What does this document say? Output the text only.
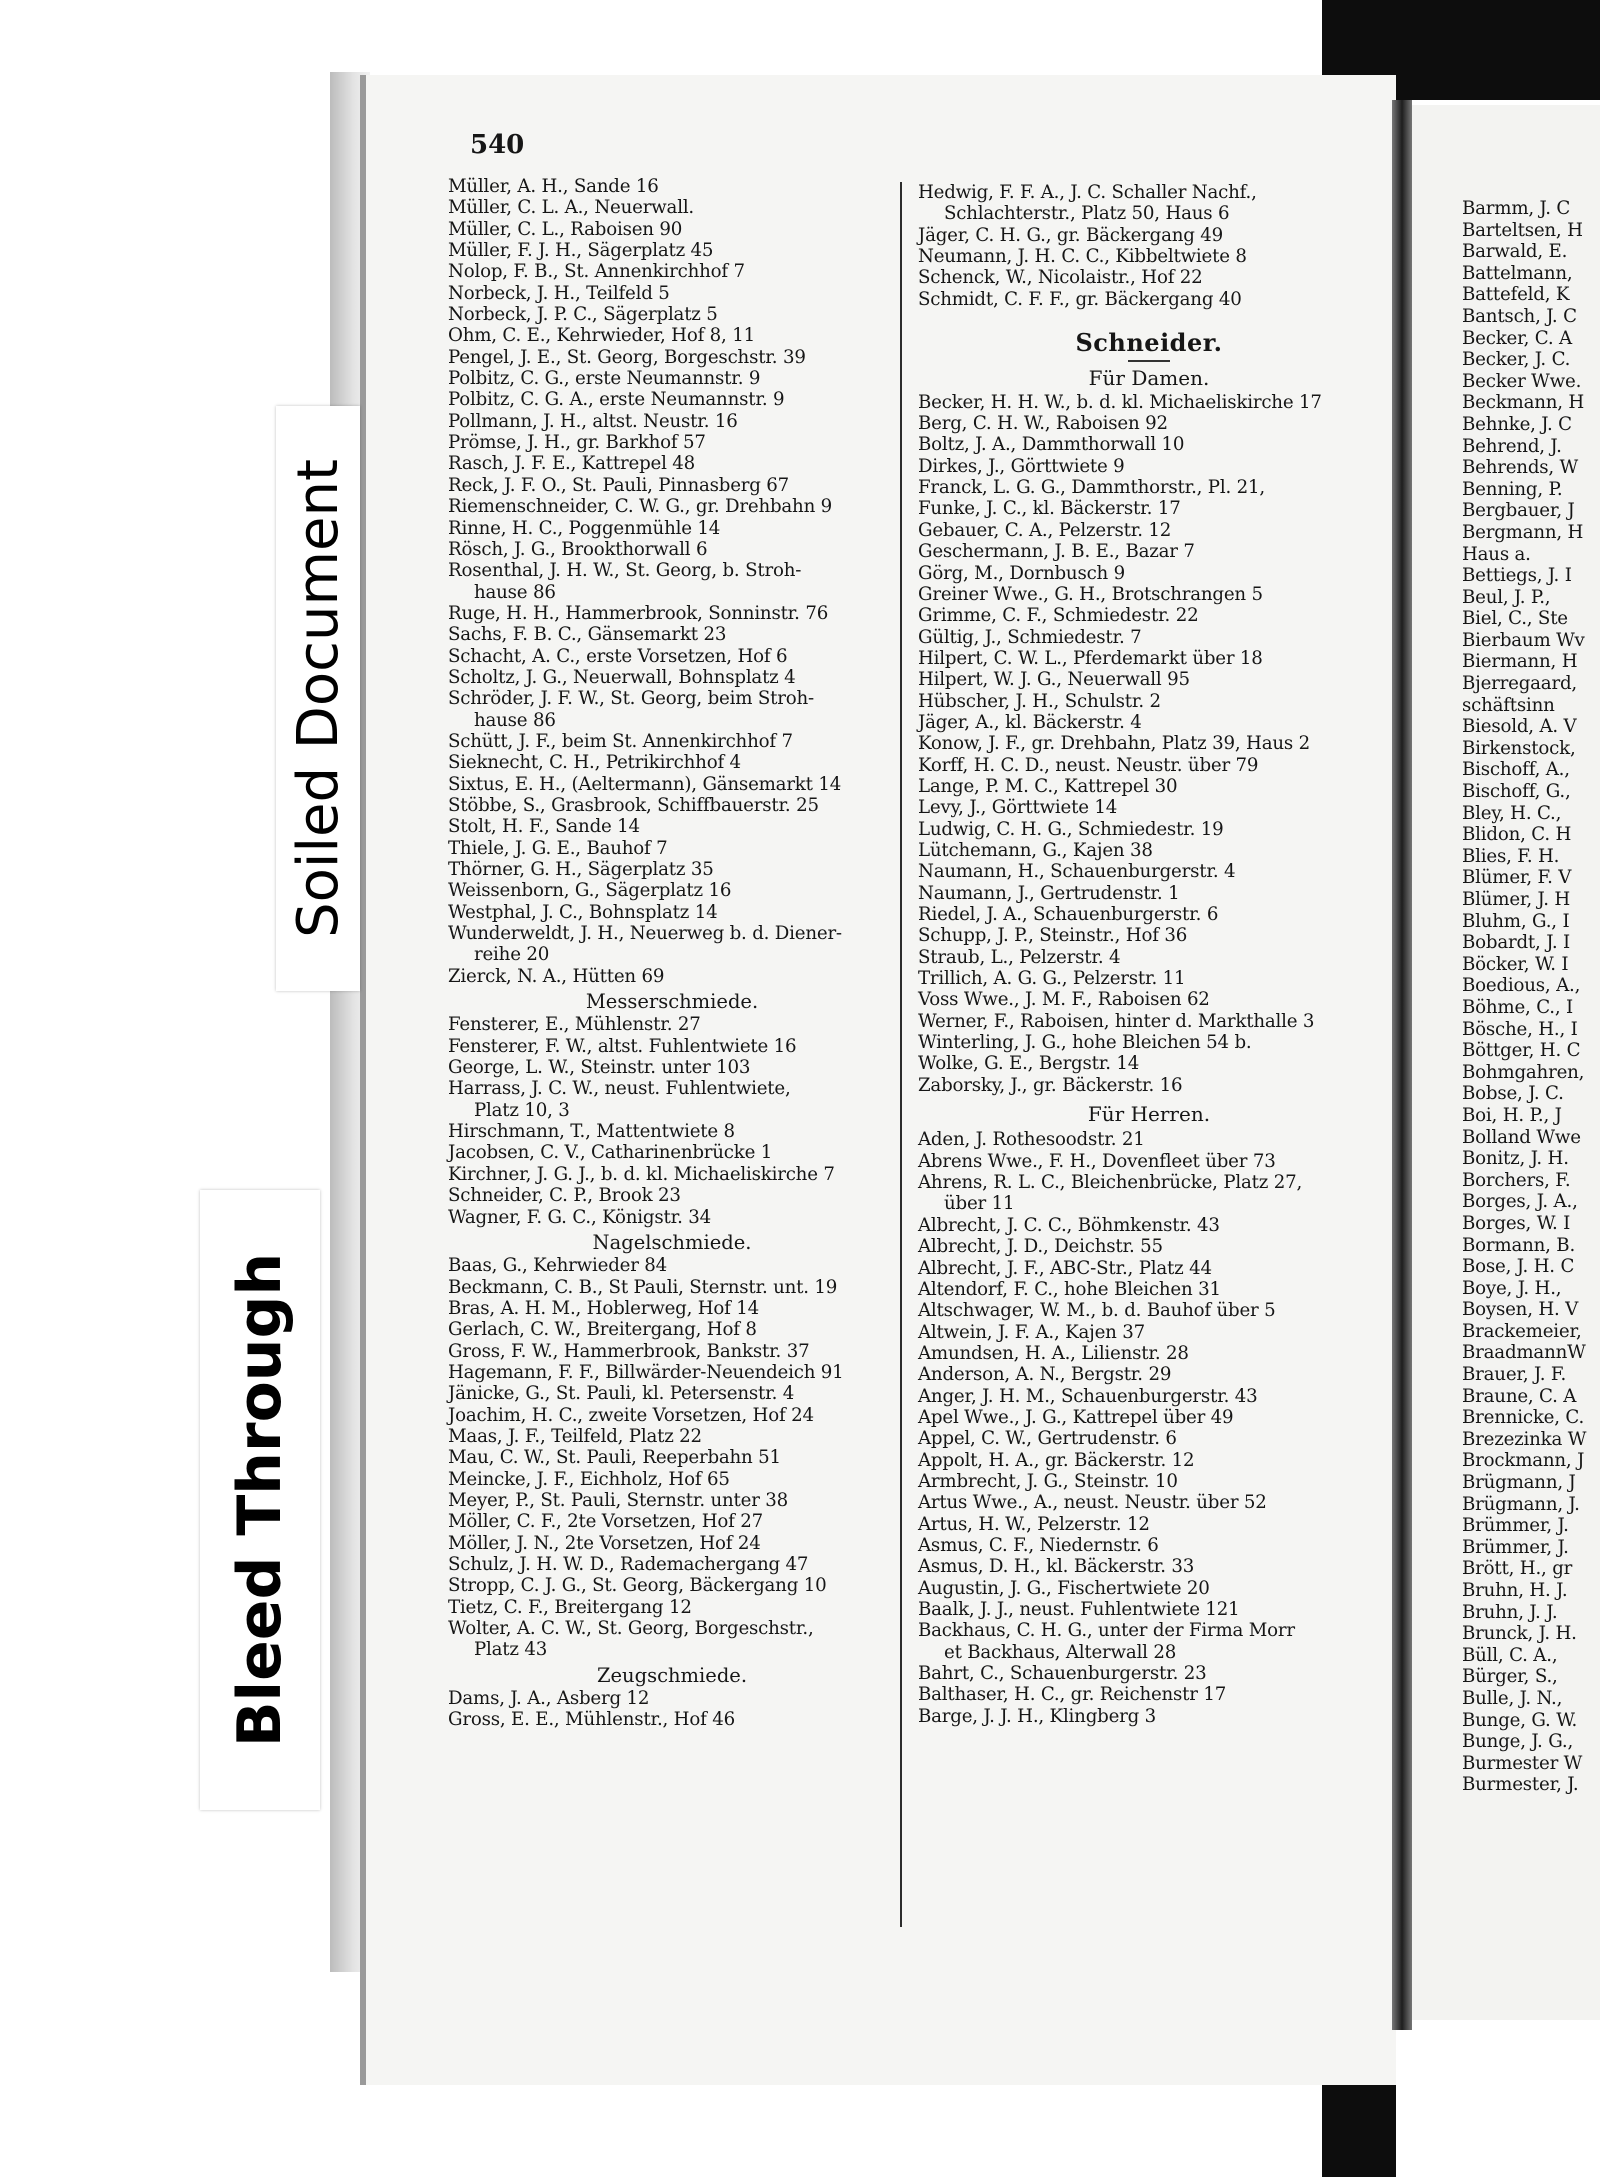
Soiled Document
Bleed Through
540
Müller, A. H., Sande 16
Müller, C. L. A., Neuerwall.
Müller, C. L., Raboisen 90
Müller, F. J. H., Sägerplatz 45
Nolop, F. B., St. Annenkirchhof 7
Norbeck, J. H., Teilfeld 5
Norbeck, J. P. C., Sägerplatz 5
Ohm, C. E., Kehrwieder, Hof 8, 11
Pengel, J. E., St. Georg, Borgeschstr. 39
Polbitz, C. G., erste Neumannstr. 9
Polbitz, C. G. A., erste Neumannstr. 9
Pollmann, J. H., altst. Neustr. 16
Prömse, J. H., gr. Barkhof 57
Rasch, J. F. E., Kattrepel 48
Reck, J. F. O., St. Pauli, Pinnasberg 67
Riemenschneider, C. W. G., gr. Drehbahn 9
Rinne, H. C., Poggenmühle 14
Rösch, J. G., Brookthorwall 6
Rosenthal, J. H. W., St. Georg, b. Stroh-
hause 86
Ruge, H. H., Hammerbrook, Sonninstr. 76
Sachs, F. B. C., Gänsemarkt 23
Schacht, A. C., erste Vorsetzen, Hof 6
Scholtz, J. G., Neuerwall, Bohnsplatz 4
Schröder, J. F. W., St. Georg, beim Stroh-
hause 86
Schütt, J. F., beim St. Annenkirchhof 7
Sieknecht, C. H., Petrikirchhof 4
Sixtus, E. H., (Aeltermann), Gänsemarkt 14
Stöbbe, S., Grasbrook, Schiffbauerstr. 25
Stolt, H. F., Sande 14
Thiele, J. G. E., Bauhof 7
Thörner, G. H., Sägerplatz 35
Weissenborn, G., Sägerplatz 16
Westphal, J. C., Bohnsplatz 14
Wunderweldt, J. H., Neuerweg b. d. Diener-
reihe 20
Zierck, N. A., Hütten 69
Messerschmiede.
Fensterer, E., Mühlenstr. 27
Fensterer, F. W., altst. Fuhlentwiete 16
George, L. W., Steinstr. unter 103
Harrass, J. C. W., neust. Fuhlentwiete,
Platz 10, 3
Hirschmann, T., Mattentwiete 8
Jacobsen, C. V., Catharinenbrücke 1
Kirchner, J. G. J., b. d. kl. Michaeliskirche 7
Schneider, C. P., Brook 23
Wagner, F. G. C., Königstr. 34
Nagelschmiede.
Baas, G., Kehrwieder 84
Beckmann, C. B., St Pauli, Sternstr. unt. 19
Bras, A. H. M., Hoblerweg, Hof 14
Gerlach, C. W., Breitergang, Hof 8
Gross, F. W., Hammerbrook, Bankstr. 37
Hagemann, F. F., Billwärder-Neuendeich 91
Jänicke, G., St. Pauli, kl. Petersenstr. 4
Joachim, H. C., zweite Vorsetzen, Hof 24
Maas, J. F., Teilfeld, Platz 22
Mau, C. W., St. Pauli, Reeperbahn 51
Meincke, J. F., Eichholz, Hof 65
Meyer, P., St. Pauli, Sternstr. unter 38
Möller, C. F., 2te Vorsetzen, Hof 27
Möller, J. N., 2te Vorsetzen, Hof 24
Schulz, J. H. W. D., Rademachergang 47
Stropp, C. J. G., St. Georg, Bäckergang 10
Tietz, C. F., Breitergang 12
Wolter, A. C. W., St. Georg, Borgeschstr.,
Platz 43
Zeugschmiede.
Dams, J. A., Asberg 12
Gross, E. E., Mühlenstr., Hof 46
Hedwig, F. F. A., J. C. Schaller Nachf.,
Schlachterstr., Platz 50, Haus 6
Jäger, C. H. G., gr. Bäckergang 49
Neumann, J. H. C. C., Kibbeltwiete 8
Schenck, W., Nicolaistr., Hof 22
Schmidt, C. F. F., gr. Bäckergang 40
Schneider.
Für Damen.
Becker, H. H. W., b. d. kl. Michaeliskirche 17
Berg, C. H. W., Raboisen 92
Boltz, J. A., Dammthorwall 10
Dirkes, J., Görttwiete 9
Franck, L. G. G., Dammthorstr., Pl. 21,
Funke, J. C., kl. Bäckerstr. 17
Gebauer, C. A., Pelzerstr. 12
Geschermann, J. B. E., Bazar 7
Görg, M., Dornbusch 9
Greiner Wwe., G. H., Brotschrangen 5
Grimme, C. F., Schmiedestr. 22
Gültig, J., Schmiedestr. 7
Hilpert, C. W. L., Pferdemarkt über 18
Hilpert, W. J. G., Neuerwall 95
Hübscher, J. H., Schulstr. 2
Jäger, A., kl. Bäckerstr. 4
Konow, J. F., gr. Drehbahn, Platz 39, Haus 2
Korff, H. C. D., neust. Neustr. über 79
Lange, P. M. C., Kattrepel 30
Levy, J., Görttwiete 14
Ludwig, C. H. G., Schmiedestr. 19
Lütchemann, G., Kajen 38
Naumann, H., Schauenburgerstr. 4
Naumann, J., Gertrudenstr. 1
Riedel, J. A., Schauenburgerstr. 6
Schupp, J. P., Steinstr., Hof 36
Straub, L., Pelzerstr. 4
Trillich, A. G. G., Pelzerstr. 11
Voss Wwe., J. M. F., Raboisen 62
Werner, F., Raboisen, hinter d. Markthalle 3
Winterling, J. G., hohe Bleichen 54 b.
Wolke, G. E., Bergstr. 14
Zaborsky, J., gr. Bäckerstr. 16
Für Herren.
Aden, J. Rothesoodstr. 21
Abrens Wwe., F. H., Dovenfleet über 73
Ahrens, R. L. C., Bleichenbrücke, Platz 27,
über 11
Albrecht, J. C. C., Böhmkenstr. 43
Albrecht, J. D., Deichstr. 55
Albrecht, J. F., ABC-Str., Platz 44
Altendorf, F. C., hohe Bleichen 31
Altschwager, W. M., b. d. Bauhof über 5
Altwein, J. F. A., Kajen 37
Amundsen, H. A., Lilienstr. 28
Anderson, A. N., Bergstr. 29
Anger, J. H. M., Schauenburgerstr. 43
Apel Wwe., J. G., Kattrepel über 49
Appel, C. W., Gertrudenstr. 6
Appolt, H. A., gr. Bäckerstr. 12
Armbrecht, J. G., Steinstr. 10
Artus Wwe., A., neust. Neustr. über 52
Artus, H. W., Pelzerstr. 12
Asmus, C. F., Niedernstr. 6
Asmus, D. H., kl. Bäckerstr. 33
Augustin, J. G., Fischertwiete 20
Baalk, J. J., neust. Fuhlentwiete 121
Backhaus, C. H. G., unter der Firma Morr
et Backhaus, Alterwall 28
Bahrt, C., Schauenburgerstr. 23
Balthaser, H. C., gr. Reichenstr 17
Barge, J. J. H., Klingberg 3
Barmm, J. C
Barteltsen, H
Barwald, E.
Battelmann,
Battefeld, K
Bantsch, J. C
Becker, C. A
Becker, J. C.
Becker Wwe.
Beckmann, H
Behnke, J. C
Behrend, J.
Behrends, W
Benning, P.
Bergbauer, J
Bergmann, H
Haus a.
Bettiegs, J. I
Beul, J. P.,
Biel, C., Ste
Bierbaum Wv
Biermann, H
Bjerregaard,
schäftsinn
Biesold, A. V
Birkenstock,
Bischoff, A.,
Bischoff, G.,
Bley, H. C.,
Blidon, C. H
Blies, F. H.
Blümer, F. V
Blümer, J. H
Bluhm, G., I
Bobardt, J. I
Böcker, W. I
Boedious, A.,
Böhme, C., I
Bösche, H., I
Böttger, H. C
Bohmgahren,
Bobse, J. C.
Boi, H. P., J
Bolland Wwe
Bonitz, J. H.
Borchers, F.
Borges, J. A.,
Borges, W. I
Bormann, B.
Bose, J. H. C
Boye, J. H.,
Boysen, H. V
Brackemeier,
BraadmannW
Brauer, J. F.
Braune, C. A
Brennicke, C.
Brezezinka W
Brockmann, J
Brügmann, J
Brügmann, J.
Brümmer, J.
Brümmer, J.
Brött, H., gr
Bruhn, H. J.
Bruhn, J. J.
Brunck, J. H.
Büll, C. A.,
Bürger, S.,
Bulle, J. N.,
Bunge, G. W.
Bunge, J. G.,
Burmester W
Burmester, J.
